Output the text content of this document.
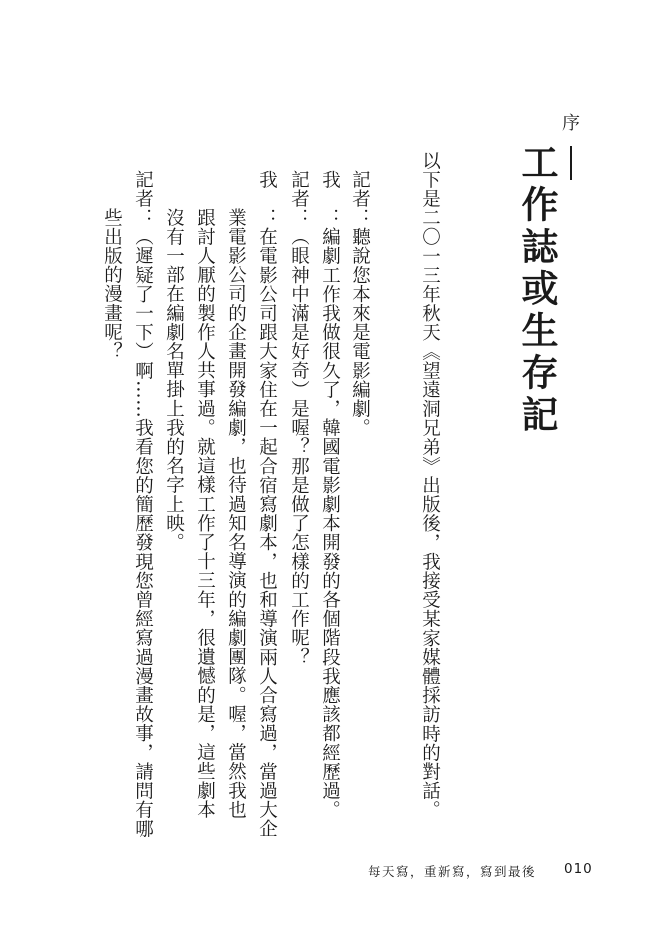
序
工作誌或生存記
以下是二〇一三年秋天《望遠洞兄弟》出版後，我接受某家媒體採訪時的對話。
記者：聽說您本來是電影編劇。
我　：編劇工作我做很久了，韓國電影劇本開發的各個階段我應該都經歷過。
記者：（眼神中滿是好奇）是喔？那是做了怎樣的工作呢？
我　：在電影公司跟大家住在一起合宿寫劇本，也和導演兩人合寫過，當過大企
業電影公司的企畫開發編劇，也待過知名導演的編劇團隊。喔，當然我也
跟討人厭的製作人共事過。就這樣工作了十三年，很遺憾的是，這些劇本
沒有一部在編劇名單掛上我的名字上映。
記者：（遲疑了一下）啊……我看您的簡歷發現您曾經寫過漫畫故事，請問有哪
些出版的漫畫呢？
每天寫，重新寫，寫到最後 010
